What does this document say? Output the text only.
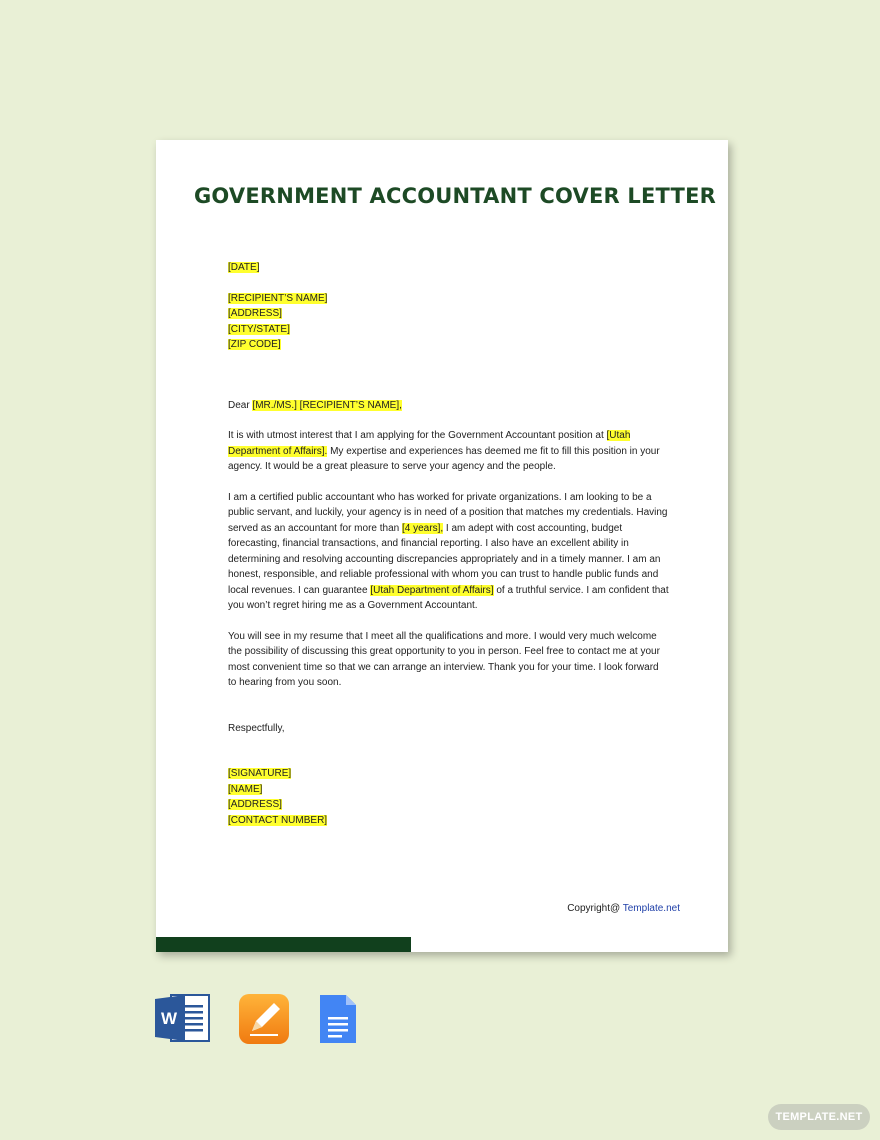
GOVERNMENT ACCOUNTANT COVER LETTER
[DATE]
[RECIPIENT’S NAME]
[ADDRESS]
[CITY/STATE]
[ZIP CODE]
Dear [MR./MS.] [RECIPIENT’S NAME],
It is with utmost interest that I am applying for the Government Accountant position at [Utah
Department of Affairs]. My expertise and experiences has deemed me fit to fill this position in your
agency. It would be a great pleasure to serve your agency and the people.
I am a certified public accountant who has worked for private organizations. I am looking to be a
public servant, and luckily, your agency is in need of a position that matches my credentials. Having
served as an accountant for more than [4 years], I am adept with cost accounting, budget
forecasting, financial transactions, and financial reporting. I also have an excellent ability in
determining and resolving accounting discrepancies appropriately and in a timely manner. I am an
honest, responsible, and reliable professional with whom you can trust to handle public funds and
local revenues. I can guarantee [Utah Department of Affairs] of a truthful service. I am confident that
you won’t regret hiring me as a Government Accountant.
You will see in my resume that I meet all the qualifications and more. I would very much welcome
the possibility of discussing this great opportunity to you in person. Feel free to contact me at your
most convenient time so that we can arrange an interview. Thank you for your time. I look forward
to hearing from you soon.
Respectfully,
[SIGNATURE]
[NAME]
[ADDRESS]
[CONTACT NUMBER]
Copyright@ Template.net
W
TEMPLATE.NET
